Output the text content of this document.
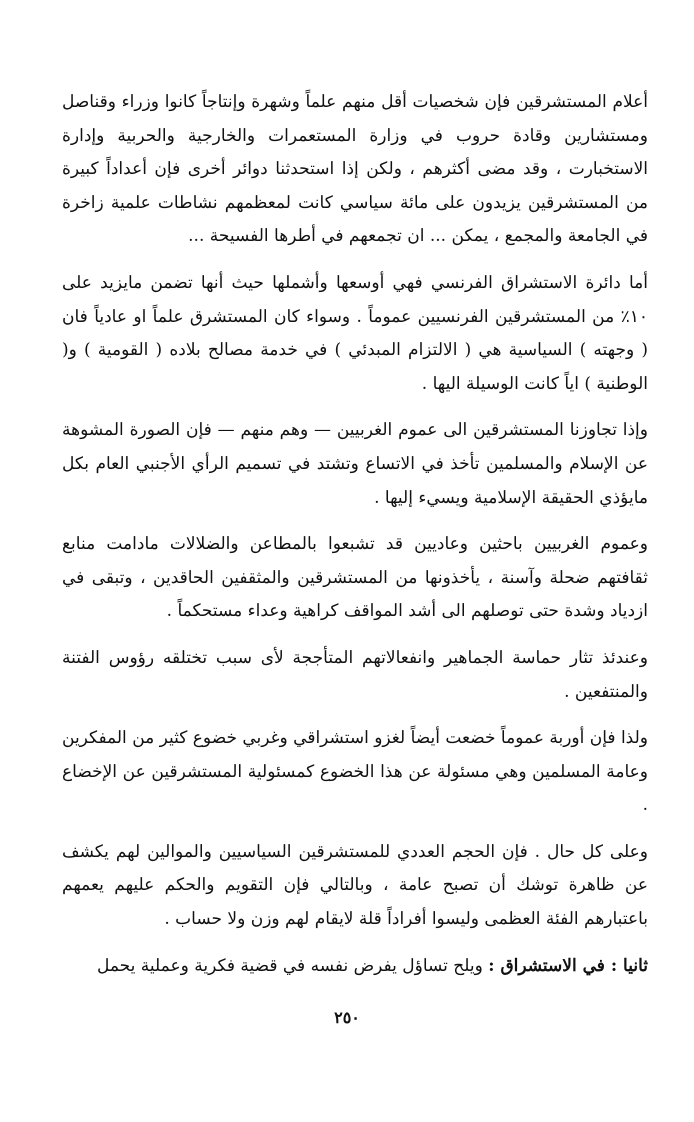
أعلام المستشرقين فإن شخصيات أقل منهم علماً وشهرة وإنتاجاً كانوا وزراء وقناصل ومستشارين وقادة حروب في وزارة المستعمرات والخارجية والحربية وإدارة الاستخبارت ، وقد مضى أكثرهم ، ولكن إذا استحدثنا دوائر أخرى فإن أعداداً كبيرة من المستشرقين يزيدون على مائة سياسي كانت لمعظمهم نشاطات علمية زاخرة في الجامعة والمجمع ، يمكن ... ان تجمعهم في أطرها الفسيحة ...

أما دائرة الاستشراق الفرنسي فهي أوسعها وأشملها حيث أنها تضمن مايزيد على ١٠٪ من المستشرقين الفرنسيين عموماً . وسواء كان المستشرق علماً او عادياً فان ( وجهته ) السياسية هي ( الالتزام المبدئي ) في خدمة مصالح بلاده ( القومية ) و( الوطنية ) اياً كانت الوسيلة اليها .

وإذا تجاوزنا المستشرقين الى عموم الغربيين — وهم منهم — فإن الصورة المشوهة عن الإسلام والمسلمين تأخذ في الاتساع وتشتد في تسميم الرأي الأجنبي العام بكل مايؤذي الحقيقة الإسلامية ويسيء إليها .

وعموم الغربيين باحثين وعاديين قد تشبعوا بالمطاعن والضلالات مادامت منابع ثقافتهم ضحلة وآسنة ، يأخذونها من المستشرقين والمثقفين الحاقدين ، وتبقى في ازدياد وشدة حتى توصلهم الى أشد المواقف كراهية وعداء مستحكماً .

وعندئذ تثار حماسة الجماهير وانفعالاتهم المتأججة لأى سبب تختلقه رؤوس الفتنة والمنتفعين .

ولذا فإن أوربة عموماً خضعت أيضاً لغزو استشراقي وغربي خضوع كثير من المفكرين وعامة المسلمين وهي مسئولة عن هذا الخضوع كمسئولية المستشرقين عن الإخضاع .

وعلى كل حال . فإن الحجم العددي للمستشرقين السياسيين والموالين لهم يكشف عن ظاهرة توشك أن تصبح عامة ، وبالتالي فإن التقويم والحكم عليهم يعمهم باعتبارهم الفئة العظمى وليسوا أفراداً قلة لايقام لهم وزن ولا حساب .

ثانيا : في الاستشراق : ويلح تساؤل يفرض نفسه في قضية فكرية وعملية يحمل

٢٥٠
